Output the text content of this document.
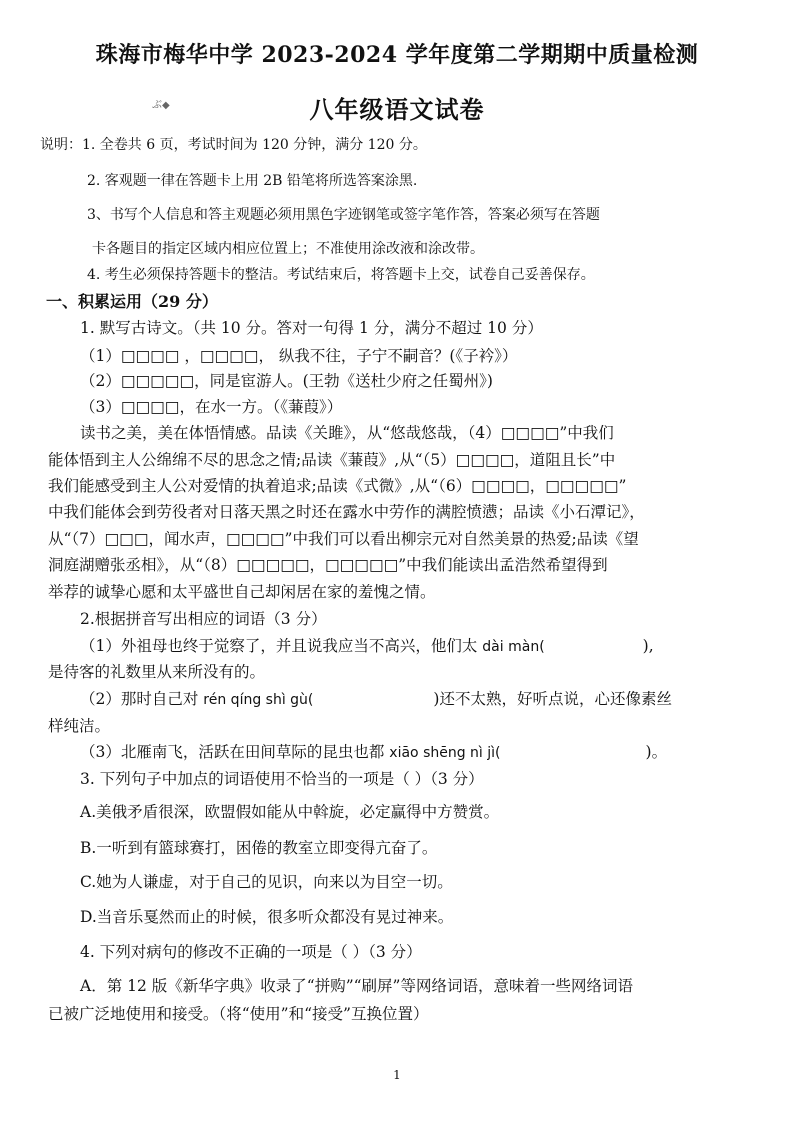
珠海市梅华中学 2023-2024 学年度第二学期期中质量检测
ぶ◆	八年级语文试卷
说明：1. 全卷共 6 页，考试时间为 120 分钟，满分 120 分。
2. 客观题一律在答题卡上用 2B 铅笔将所选答案涂黑.
3、书写个人信息和答主观题必须用黑色字迹钢笔或签字笔作答，答案必须写在答题
卡各题目的指定区域内相应位置上；不准使用涂改液和涂改带。
4. 考生必须保持答题卡的整洁。考试结束后，将答题卡上交，试卷自己妥善保存。
一、积累运用（29 分）
1. 默写古诗文。（共 10 分。答对一句得 1 分，满分不超过 10 分）
（1）□□□□ ，□□□□， 纵我不往，子宁不嗣音？(《子衿》）
（2）□□□□□，同是宦游人。(王勃《送杜少府之任蜀州》)
（3）□□□□，在水一方。（《蒹葭》）
读书之美，美在体悟情感。品读《关雎》，从“悠哉悠哉，（4）□□□□”中我们
能体悟到主人公绵绵不尽的思念之情;品读《蒹葭》,从“（5）□□□□，道阻且长”中
我们能感受到主人公对爱情的执着追求;品读《式微》,从“（6）□□□□，□□□□□”
中我们能体会到劳役者对日落天黑之时还在露水中劳作的满腔愤懑；品读《小石潭记》，
从“（7）□□□，闻水声，□□□□”中我们可以看出柳宗元对自然美景的热爱;品读《望
洞庭湖赠张丞相》，从“（8）□□□□□，□□□□□”中我们能读出孟浩然希望得到
举荐的诚挚心愿和太平盛世自己却闲居在家的羞愧之情。
2.根据拼音写出相应的词语（3 分）
（1）外祖母也终于觉察了，并且说我应当不高兴，他们太 dài màn(	),
是待客的礼数里从来所没有的。
（2）那时自己对 rén qíng shì gù(	)还不太熟，好听点说，心还像素丝
样纯洁。
（3）北雁南飞，活跃在田间草际的昆虫也都 xiāo shēng nì jì(	)。
3. 下列句子中加点的词语使用不恰当的一项是（ ）（3 分）
A.美俄矛盾很深，欧盟假如能从中斡旋，必定赢得中方赞赏。
B.一听到有篮球赛打，困倦的教室立即变得亢奋了。
C.她为人谦虚，对于自己的见识，向来以为目空一切。
D.当音乐戛然而止的时候，很多听众都没有晃过神来。
4. 下列对病句的修改不正确的一项是（ ）（3 分）
A．第 12 版《新华字典》收录了“拼购”“刷屏”等网络词语，意味着一些网络词语
已被广泛地使用和接受。（将“使用”和“接受”互换位置）
1
